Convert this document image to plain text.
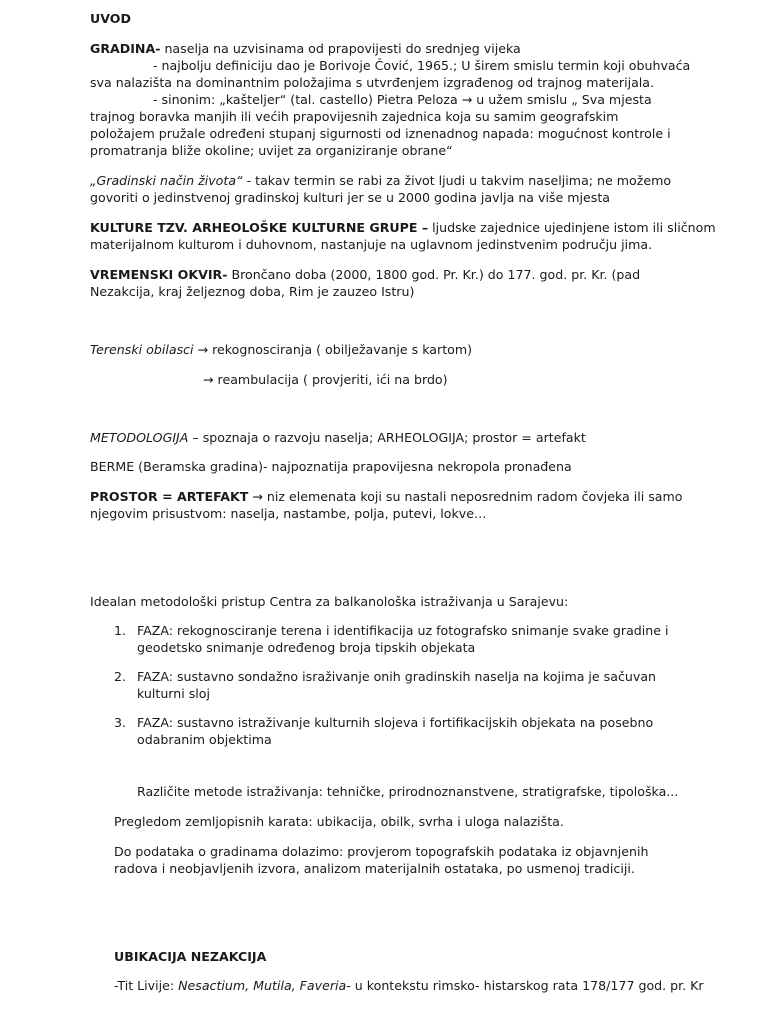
UVOD
GRADINA- naselja na uzvisinama od prapovijesti do srednjeg vijeka
- najbolju definiciju dao je Borivoje Čović, 1965.; U širem smislu termin koji obuhvaća
sva nalazišta na dominantnim položajima s utvrđenjem izgrađenog od trajnog materijala.
- sinonim: „kašteljer“ (tal. castello) Pietra Peloza → u užem smislu „ Sva mjesta
trajnog boravka manjih ili većih prapovijesnih zajednica koja su samim geografskim
položajem pružale određeni stupanj sigurnosti od iznenadnog napada: mogućnost kontrole i
promatranja bliže okoline; uvijet za organiziranje obrane“
„Gradinski način života“ - takav termin se rabi za život ljudi u takvim naseljima; ne možemo
govoriti o jedinstvenoj gradinskoj kulturi jer se u 2000 godina javlja na više mjesta
KULTURE TZV. ARHEOLOŠKE KULTURNE GRUPE – ljudske zajednice ujedinjene istom ili sličnom
materijalnom kulturom i duhovnom, nastanjuje na uglavnom jedinstvenim području jima.
VREMENSKI OKVIR- Brončano doba (2000, 1800 god. Pr. Kr.) do 177. god. pr. Kr. (pad
Nezakcija, kraj željeznog doba, Rim je zauzeo Istru)
Terenski obilasci → rekognosciranja ( obilježavanje s kartom)
→ reambulacija ( provjeriti, ići na brdo)
METODOLOGIJA – spoznaja o razvoju naselja; ARHEOLOGIJA; prostor = artefakt
BERME (Beramska gradina)- najpoznatija prapovijesna nekropola pronađena
PROSTOR = ARTEFAKT → niz elemenata koji su nastali neposrednim radom čovjeka ili samo
njegovim prisustvom: naselja, nastambe, polja, putevi, lokve…
Idealan metodološki pristup Centra za balkanološka istraživanja u Sarajevu:
1. FAZA: rekognosciranje terena i identifikacija uz fotografsko snimanje svake gradine i
geodetsko snimanje određenog broja tipskih objekata
2. FAZA: sustavno sondažno israživanje onih gradinskih naselja na kojima je sačuvan
kulturni sloj
3. FAZA: sustavno istraživanje kulturnih slojeva i fortifikacijskih objekata na posebno
odabranim objektima
Različite metode istraživanja: tehničke, prirodnoznanstvene, stratigrafske, tipološka...
Pregledom zemljopisnih karata: ubikacija, obilk, svrha i uloga nalazišta.
Do podataka o gradinama dolazimo: provjerom topografskih podataka iz objavnjenih
radova i neobjavljenih izvora, analizom materijalnih ostataka, po usmenoj tradiciji.
UBIKACIJA NEZAKCIJA
-Tit Livije: Nesactium, Mutila, Faveria- u kontekstu rimsko- histarskog rata 178/177 god. pr. Kr
